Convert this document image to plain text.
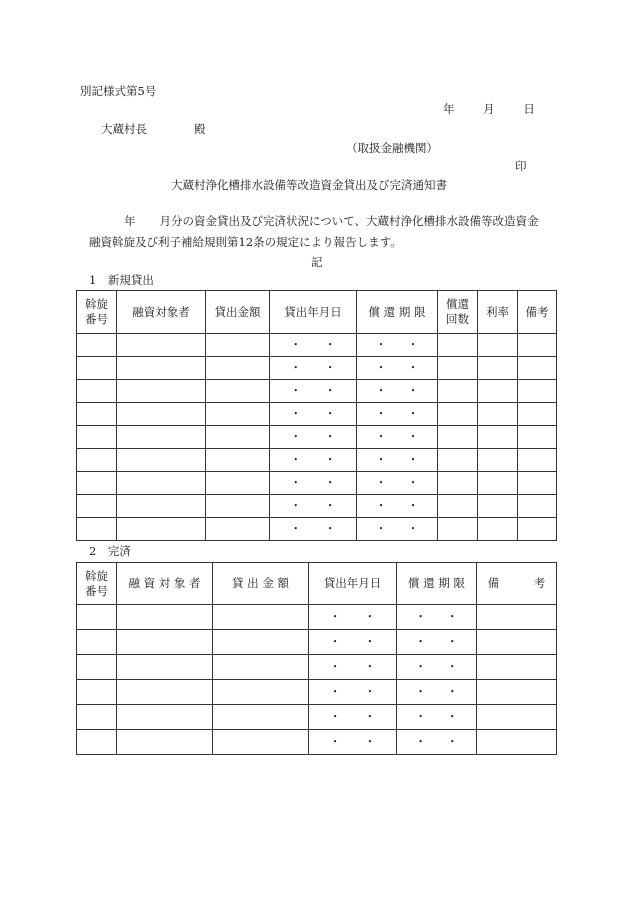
別記様式第5号
年 月 日
大蔵村長	殿
（取扱金融機関）
印
大蔵村浄化槽排水設備等改造資金貸出及び完済通知書
年 月分の資金貸出及び完済状況について、大蔵村浄化槽排水設備等改造資金
融資斡旋及び利子補給規則第12条の規定により報告します。
記
1　新規貸出
斡旋
番号	融資対象者	貸出金額	貸出年月日	償 還 期 限	償還
回数	利率	備考

			・ ・	・ ・			

			・ ・	・ ・			

			・ ・	・ ・			

			・ ・	・ ・			

			・ ・	・ ・			

			・ ・	・ ・			

			・ ・	・ ・			

			・ ・	・ ・			

			・ ・	・ ・			

2　完済
斡旋
番号	融 資 対 象 者	貸 出 金 額	貸出年月日	償 還 期 限	備　　　考

			・ ・	・ ・	

			・ ・	・ ・	

			・ ・	・ ・	

			・ ・	・ ・	

			・ ・	・ ・	

			・ ・	・ ・	
